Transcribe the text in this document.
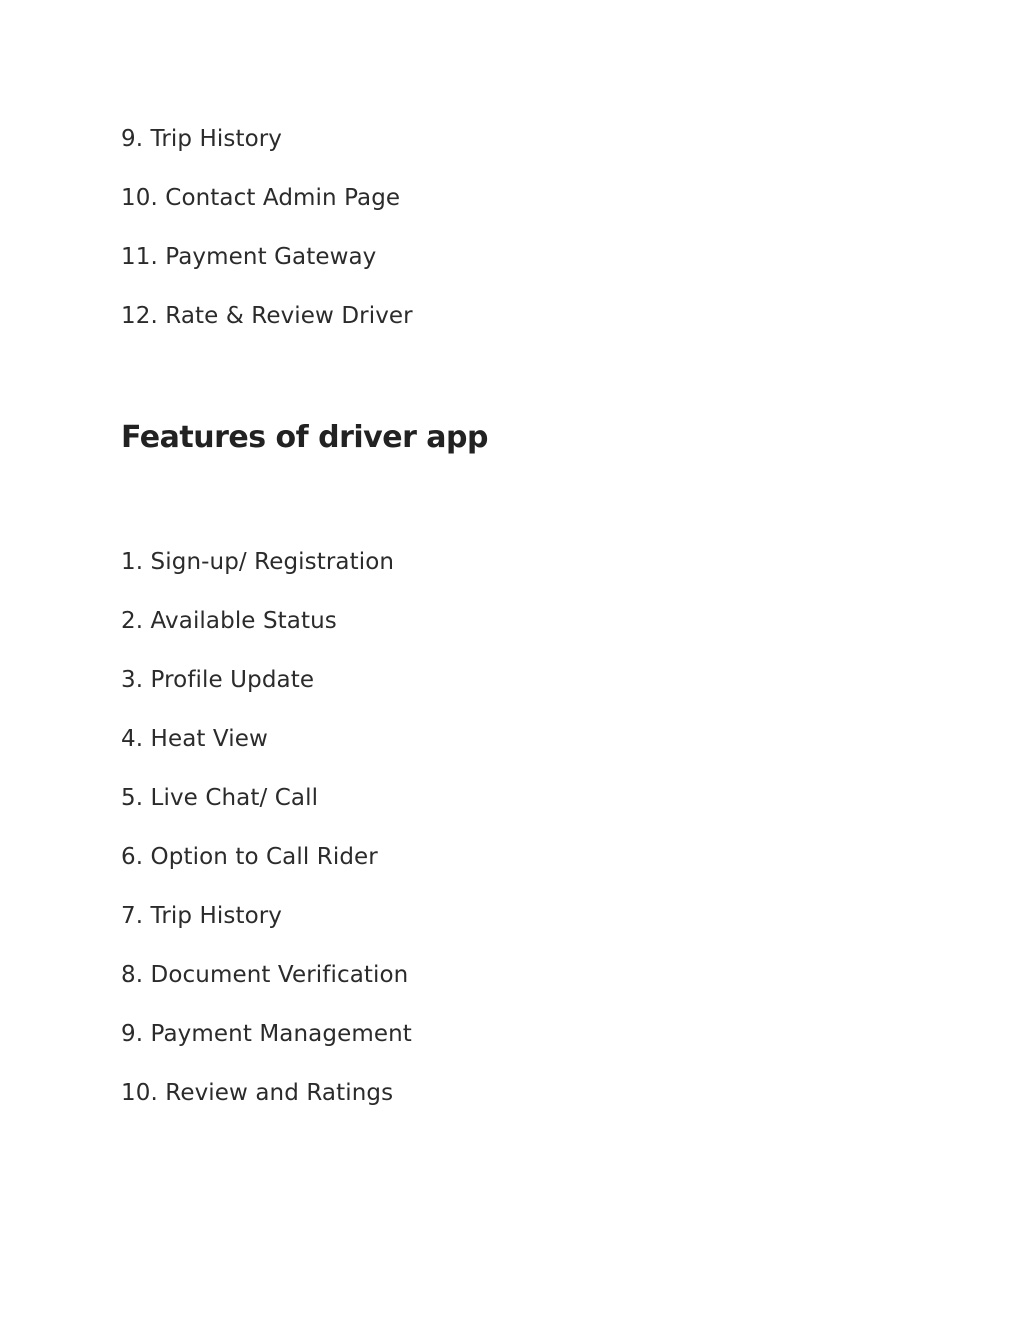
9. Trip History
10. Contact Admin Page
11. Payment Gateway
12. Rate & Review Driver
Features of driver app
1. Sign-up/ Registration
2. Available Status
3. Profile Update
4. Heat View
5. Live Chat/ Call
6. Option to Call Rider
7. Trip History
8. Document Verification
9. Payment Management
10. Review and Ratings
